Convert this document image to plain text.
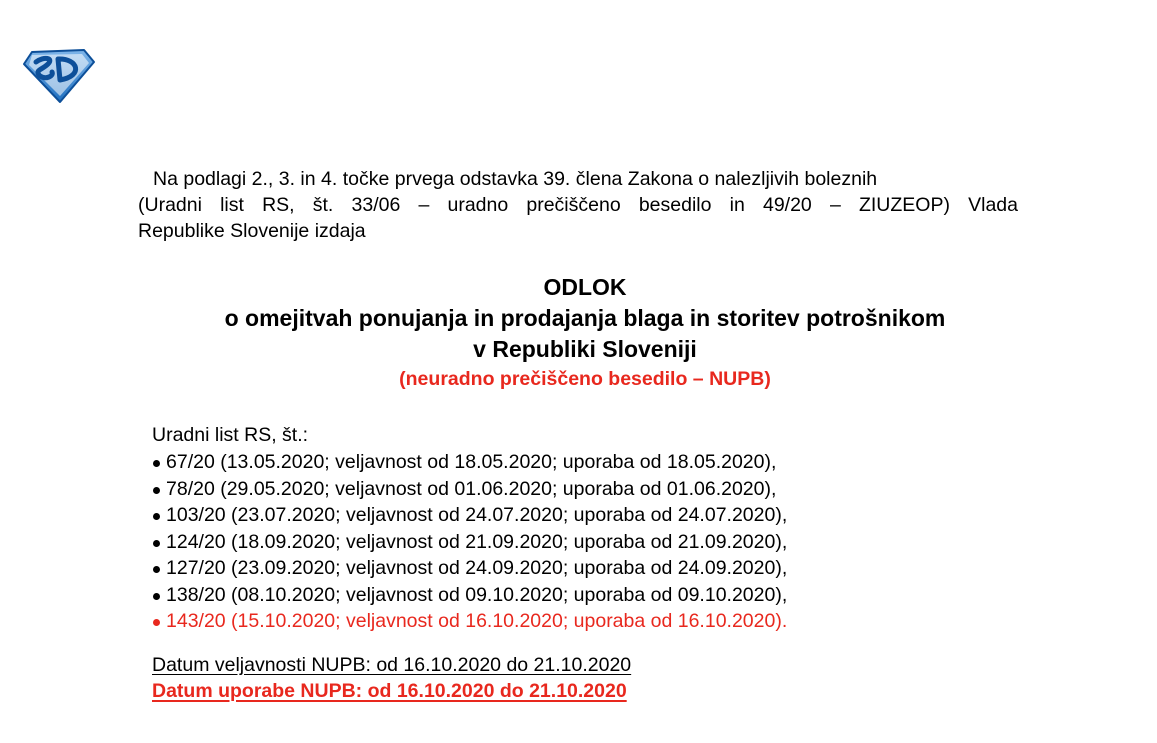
Na podlagi 2., 3. in 4. točke prvega odstavka 39. člena Zakona o nalezljivih boleznih
(Uradni list RS, št. 33/06 – uradno prečiščeno besedilo in 49/20 – ZIUZEOP) Vlada
Republike Slovenije izdaja
ODLOK
o omejitvah ponujanja in prodajanja blaga in storitev potrošnikom
v Republiki Sloveniji
(neuradno prečiščeno besedilo – NUPB)
Uradni list RS, št.:
67/20 (13.05.2020; veljavnost od 18.05.2020; uporaba od 18.05.2020),
78/20 (29.05.2020; veljavnost od 01.06.2020; uporaba od 01.06.2020),
103/20 (23.07.2020; veljavnost od 24.07.2020; uporaba od 24.07.2020),
124/20 (18.09.2020; veljavnost od 21.09.2020; uporaba od 21.09.2020),
127/20 (23.09.2020; veljavnost od 24.09.2020; uporaba od 24.09.2020),
138/20 (08.10.2020; veljavnost od 09.10.2020; uporaba od 09.10.2020),
143/20 (15.10.2020; veljavnost od 16.10.2020; uporaba od 16.10.2020).
Datum veljavnosti NUPB: od 16.10.2020 do 21.10.2020
Datum uporabe NUPB: od 16.10.2020 do 21.10.2020
